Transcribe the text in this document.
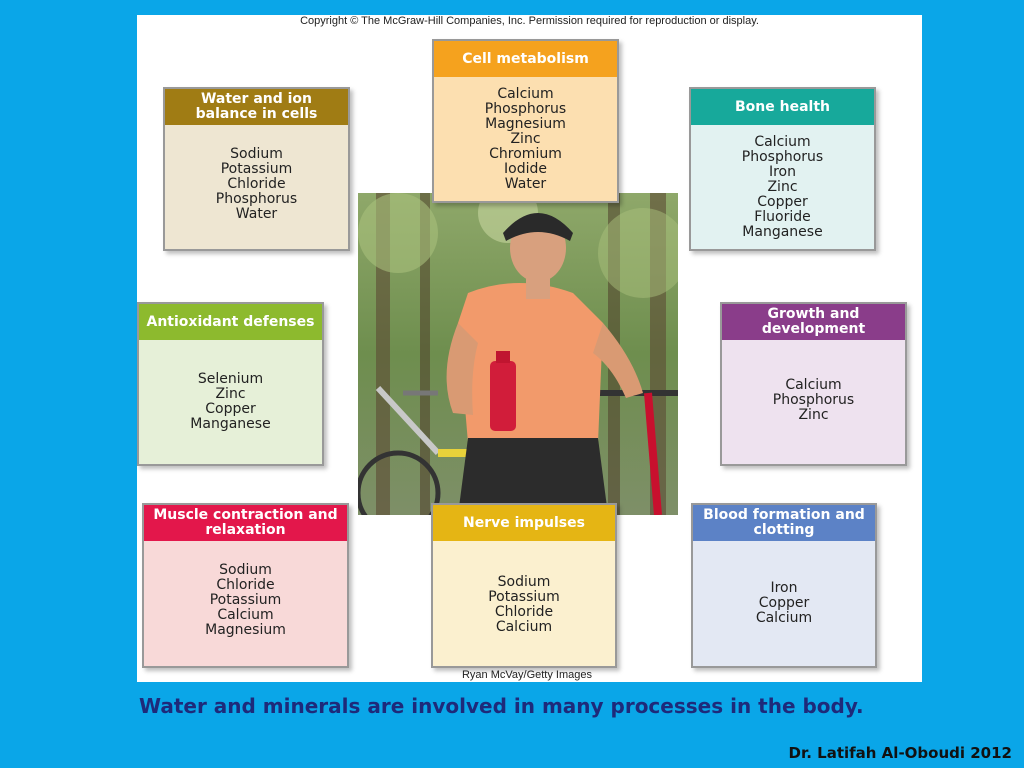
Copyright © The McGraw-Hill Companies, Inc. Permission required for reproduction or display.
Water and ion balance in cells
Sodium
Potassium
Chloride
Phosphorus
Water
Cell metabolism
Calcium
Phosphorus
Magnesium
Zinc
Chromium
Iodide
Water
Bone health
Calcium
Phosphorus
Iron
Zinc
Copper
Fluoride
Manganese
Antioxidant defenses
Selenium
Zinc
Copper
Manganese
Growth and development
Calcium
Phosphorus
Zinc
Muscle contraction and relaxation
Sodium
Chloride
Potassium
Calcium
Magnesium
Nerve impulses
Sodium
Potassium
Chloride
Calcium
Blood formation and clotting
Iron
Copper
Calcium
Ryan McVay/Getty Images
Water and minerals are involved in many processes in the body.
Dr. Latifah Al-Oboudi 2012
